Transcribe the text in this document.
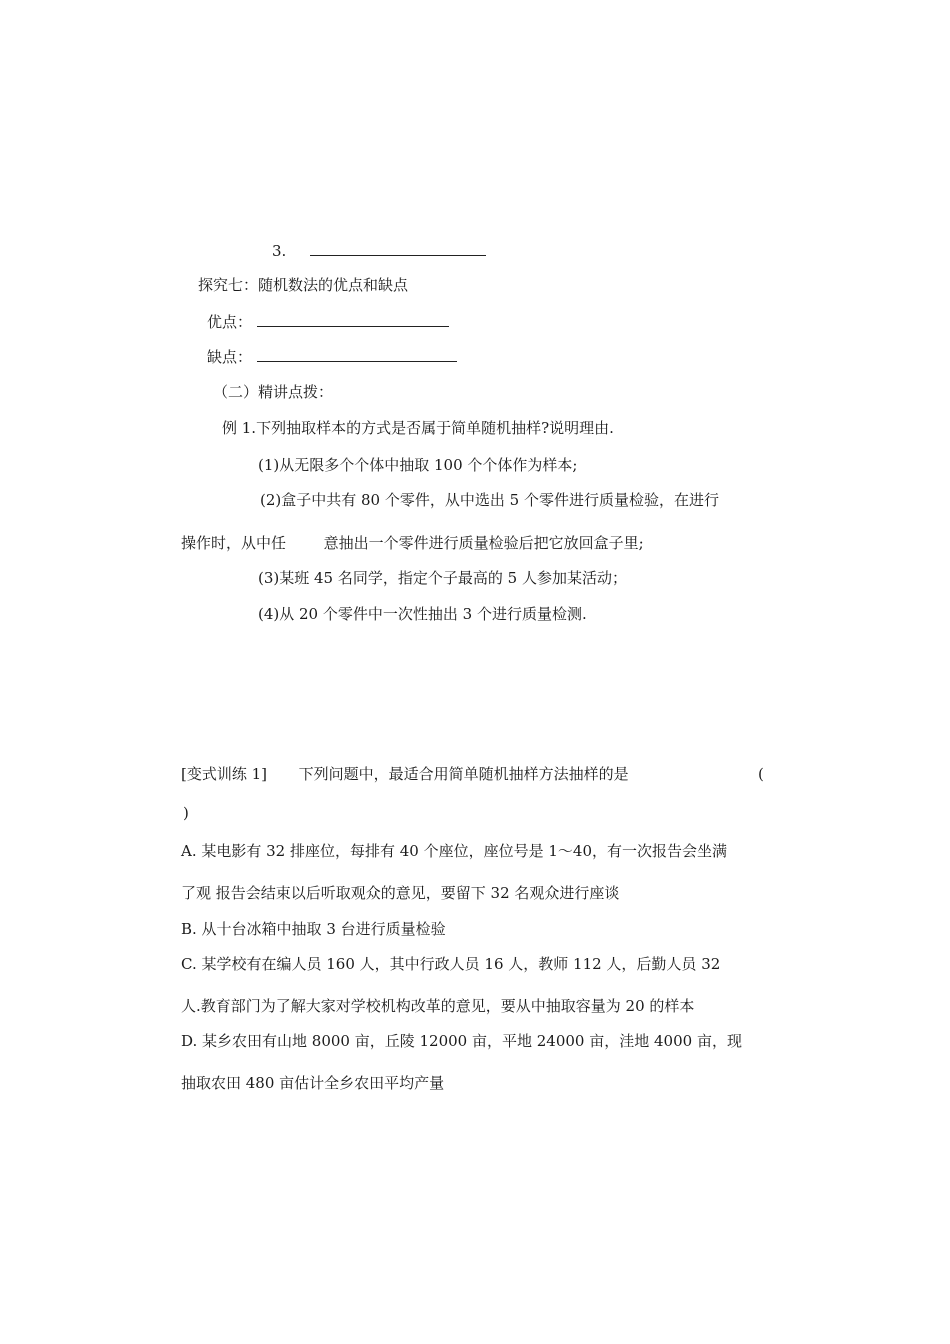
3.
探究七：随机数法的优点和缺点
优点：
缺点：
（二）精讲点拨：
例 1.下列抽取样本的方式是否属于简单随机抽样?说明理由.
(1)从无限多个个体中抽取 100 个个体作为样本;
(2)盒子中共有 80 个零件，从中选出 5 个零件进行质量检验，在进行
操作时，从中任	意抽出一个零件进行质量检验后把它放回盒子里;
(3)某班 45 名同学，指定个子最高的 5 人参加某活动；
(4)从 20 个零件中一次性抽出 3 个进行质量检测.
[变式训练 1] 下列问题中，最适合用简单随机抽样方法抽样的是	(
)
A. 某电影有 32 排座位，每排有 40 个座位，座位号是 1～40，有一次报告会坐满
了观 报告会结束以后听取观众的意见，要留下 32 名观众进行座谈
B. 从十台冰箱中抽取 3 台进行质量检验
C. 某学校有在编人员 160 人，其中行政人员 16 人，教师 112 人，后勤人员 32
人.教育部门为了解大家对学校机构改革的意见，要从中抽取容量为 20 的样本
D. 某乡农田有山地 8000 亩，丘陵 12000 亩，平地 24000 亩，洼地 4000 亩，现
抽取农田 480 亩估计全乡农田平均产量
